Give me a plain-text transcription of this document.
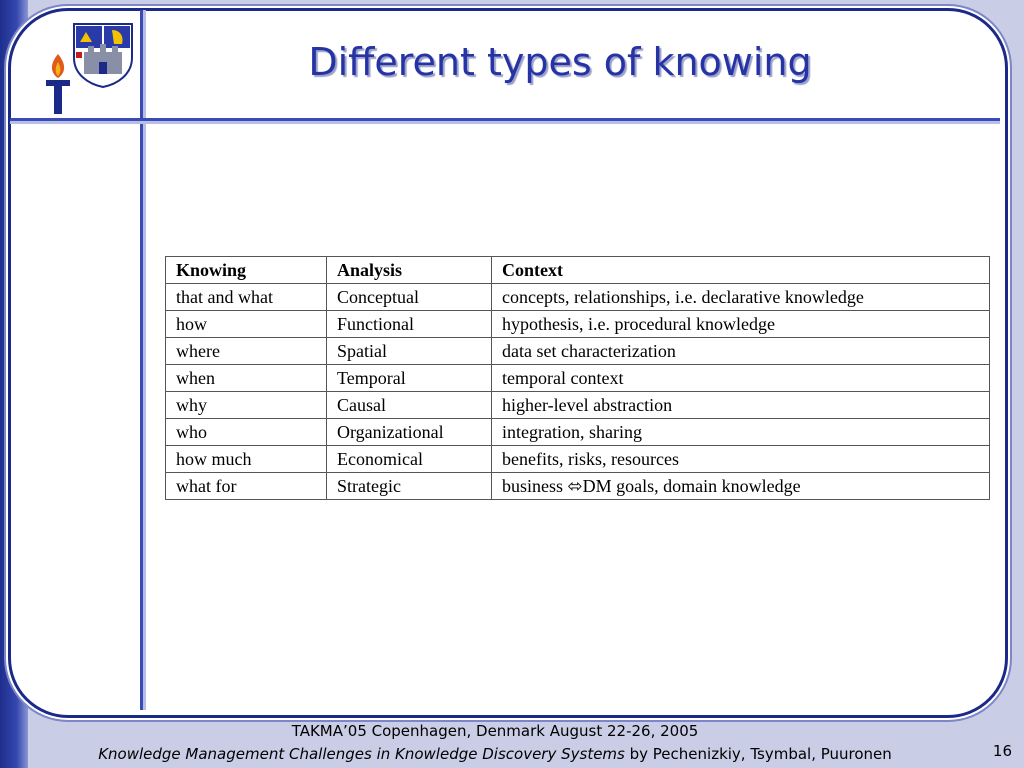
Different types of knowing
Knowing	Analysis	Context
that and what	Conceptual	concepts, relationships, i.e. declarative knowledge
how	Functional	hypothesis, i.e. procedural knowledge
where	Spatial	data set characterization
when	Temporal	temporal context
why	Causal	higher-level abstraction
who	Organizational	integration, sharing
how much	Economical	benefits, risks, resources
what for	Strategic	business ⬄DM goals, domain knowledge
TAKMA’05 Copenhagen, Denmark August 22-26, 2005
Knowledge Management Challenges in Knowledge Discovery Systems by Pechenizkiy, Tsymbal, Puuronen	16
